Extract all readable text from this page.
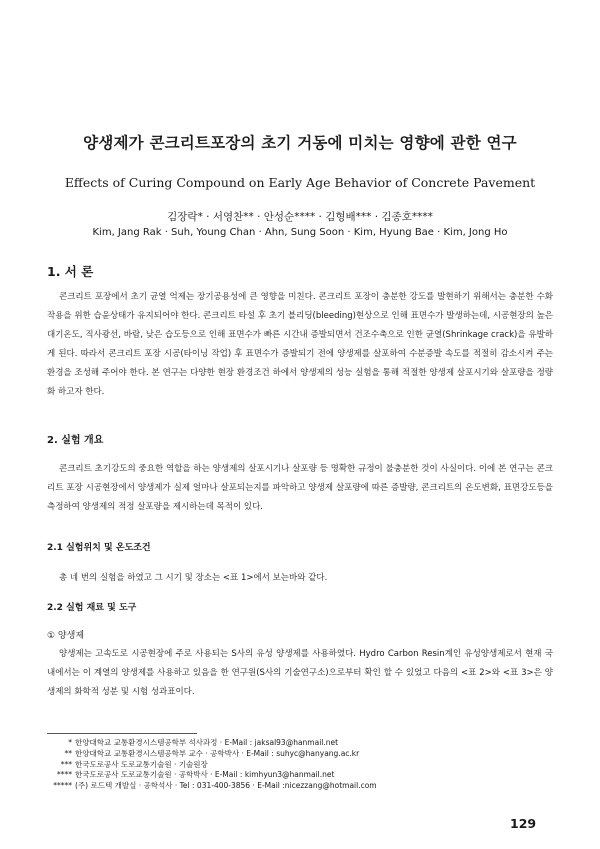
양생제가 콘크리트포장의 초기 거동에 미치는 영향에 관한 연구

Effects of Curing Compound on Early Age Behavior of Concrete Pavement

김장락* · 서영찬** · 안성순**** · 김형배*** · 김종호****

Kim, Jang Rak · Suh, Young Chan · Ahn, Sung Soon · Kim, Hyung Bae · Kim, Jong Ho

1. 서 론

콘크리트 포장에서 초기 균열 억제는 장기공용성에 큰 영향을 미친다. 콘크리트 포장이 충분한 강도를 발현하기 위해서는 충분한 수화작용을 위한 습윤상태가 유지되어야 한다. 콘크리트 타설 후 초기 블리딩(bleeding)현상으로 인해 표면수가 발생하는데, 시공현장의 높은 대기온도, 직사광선, 바람, 낮은 습도등으로 인해 표면수가 빠른 시간내 증발되면서 건조수축으로 인한 균열(Shrinkage crack)을 유발하게 된다. 따라서 콘크리트 포장 시공(타이닝 작업) 후 표면수가 증발되기 전에 양생제를 살포하여 수분증발 속도를 적절히 감소시켜 주는 환경을 조성해 주어야 한다. 본 연구는 다양한 현장 환경조건 하에서 양생제의 성능 실험을 통해 적절한 양생제 살포시기와 살포량을 정량화 하고자 한다.

2. 실험 개요

콘크리트 초기강도의 중요한 역할을 하는 양생제의 살포시기나 살포량 등 명확한 규정이 불충분한 것이 사실이다. 이에 본 연구는 콘크리트 포장 시공현장에서 양생제가 실제 얼마나 살포되는지를 파악하고 양생제 살포량에 따른 증발량, 콘크리트의 온도변화, 표면강도등을 측정하여 양생제의 적정 살포량을 제시하는데 목적이 있다.

2.1 실험위치 및 온도조건

총 네 번의 실험을 하였고 그 시기 및 장소는 <표 1>에서 보는바와 같다.

2.2 실험 재료 및 도구

① 양생제

양생제는 고속도로 시공현장에 주로 사용되는 S사의 유성 양생제를 사용하였다. Hydro Carbon Resin계인 유성양생제로서 현재 국내에서는 이 계열의 양생제를 사용하고 있음을 한 연구원(S사의 기술연구소)으로부터 확인 할 수 있었고 다음의 <표 2>와 <표 3>은 양생제의 화학적 성분 및 시험 성과표이다.

* 한양대학교 교통환경시스템공학부 석사과정 · E-Mail : jaksal93@hanmail.net
** 한양대학교 교통환경시스템공학부 교수 · 공학박사 · E-Mail : suhyc@hanyang.ac.kr
*** 한국도로공사 도로교통기술원 · 기술원장
**** 한국도로공사 도로교통기술원 · 공학박사 · E-Mail : kimhyun3@hanmail.net
***** (주) 로드텍 개발실 · 공학석사 · Tel : 031-400-3856 · E-Mail :nicezzang@hotmail.com

129
